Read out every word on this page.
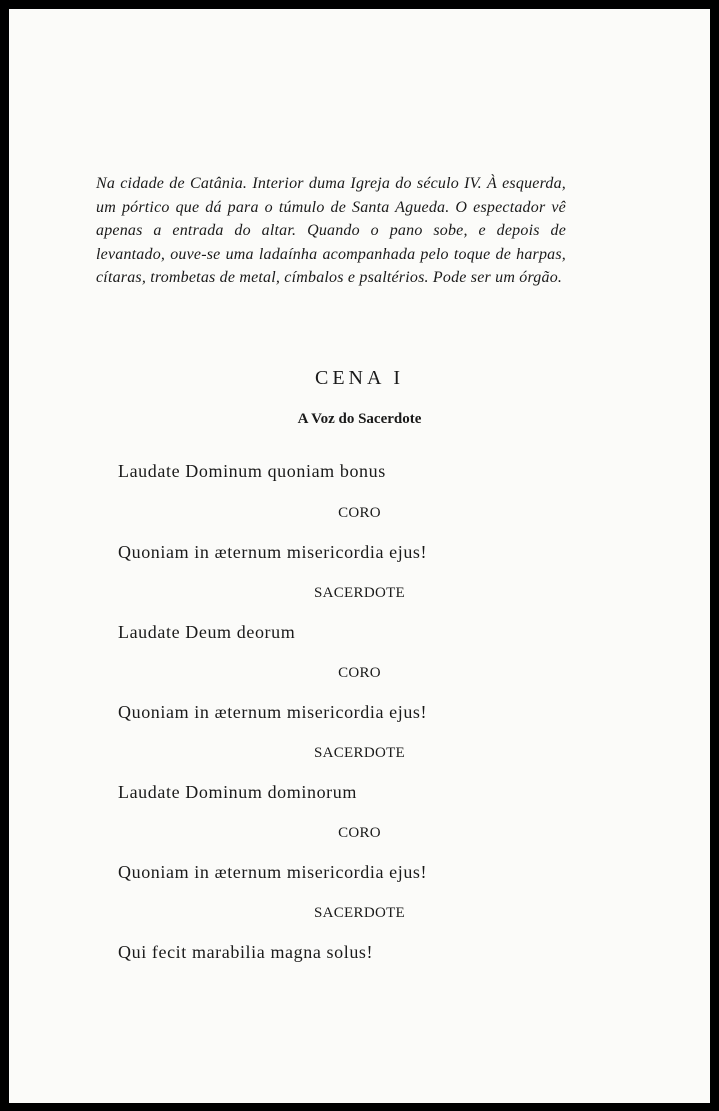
Na cidade de Catânia. Interior duma Igreja do século IV. À esquerda, um pórtico que dá para o túmulo de Santa Agueda. O espectador vê apenas a entrada do altar. Quando o pano sobe, e depois de levantado, ouve-se uma ladaínha acompanhada pelo toque de harpas, cítaras, trombetas de metal, címbalos e psaltérios. Pode ser um órgão.

CENA I
A Voz do Sacerdote
Laudate Dominum quoniam bonus
CORO
Quoniam in æternum misericordia ejus!
SACERDOTE
Laudate Deum deorum
CORO
Quoniam in æternum misericordia ejus!
SACERDOTE
Laudate Dominum dominorum
CORO
Quoniam in æternum misericordia ejus!
SACERDOTE
Qui fecit marabilia magna solus!
